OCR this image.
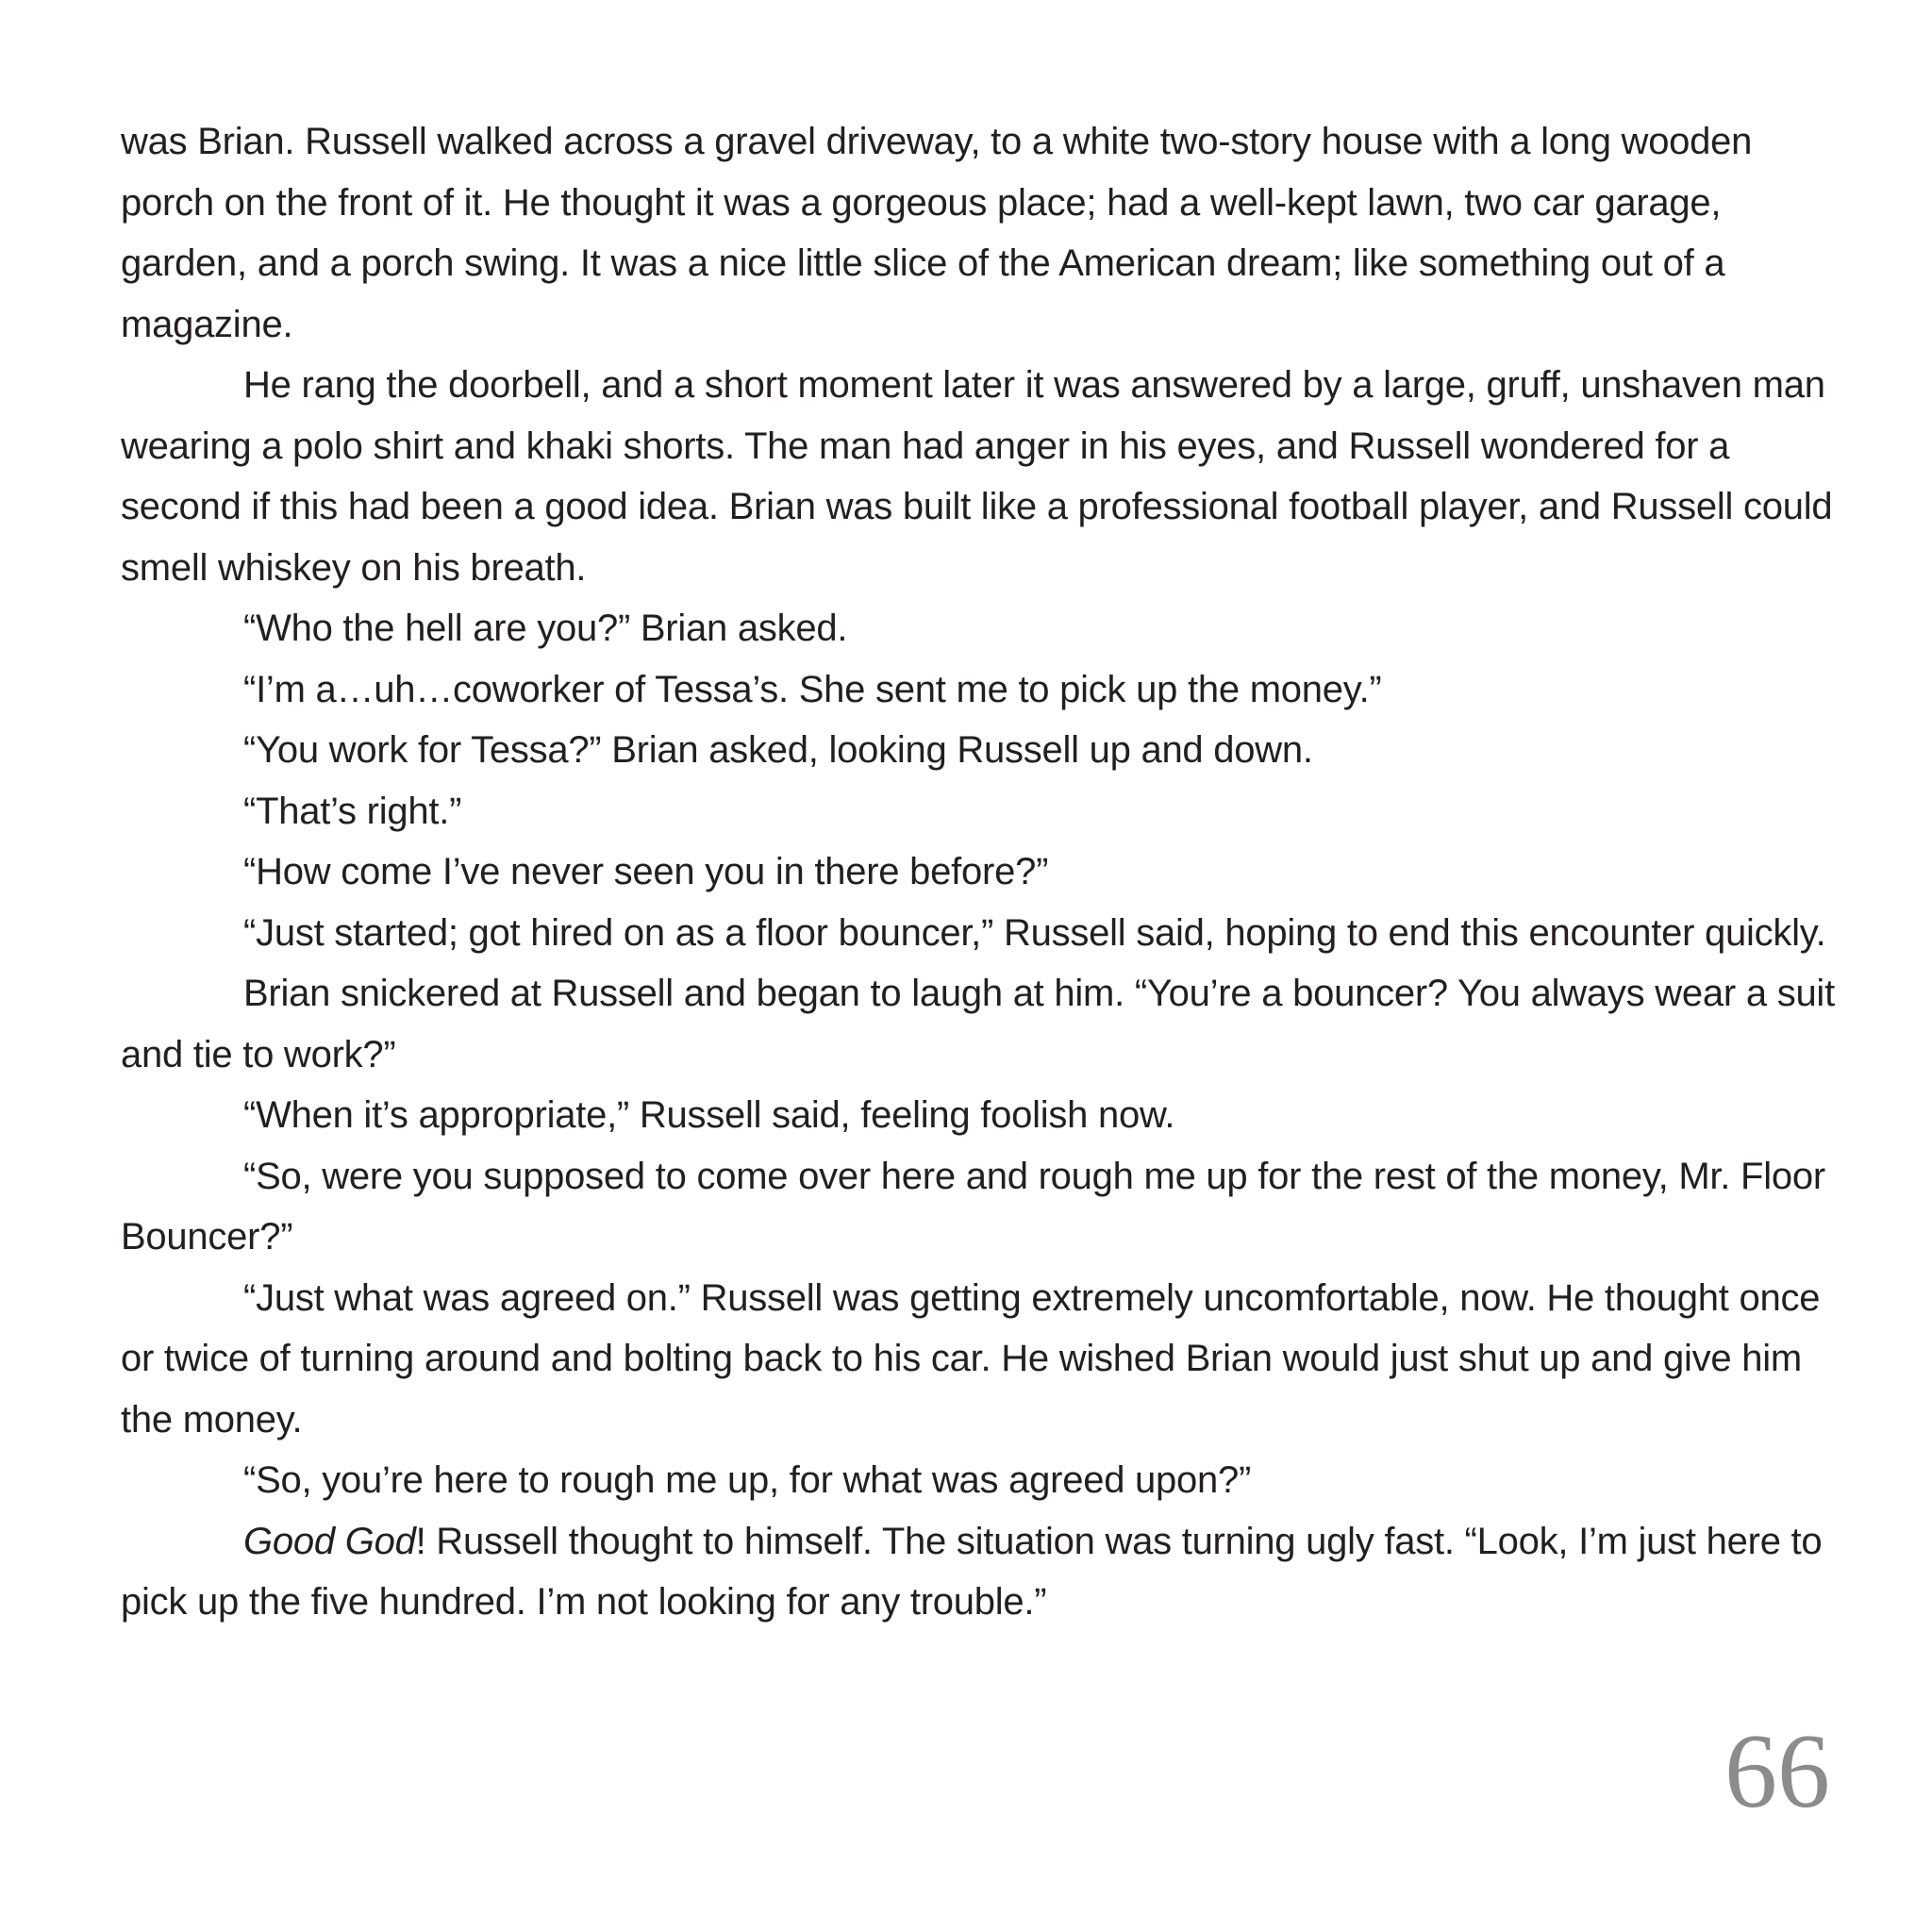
was Brian. Russell walked across a gravel driveway, to a white two-story house with a long wooden porch on the front of it. He thought it was a gorgeous place; had a well-kept lawn, two car garage, garden, and a porch swing. It was a nice little slice of the American dream; like something out of a magazine.

He rang the doorbell, and a short moment later it was answered by a large, gruff, unshaven man wearing a polo shirt and khaki shorts. The man had anger in his eyes, and Russell wondered for a second if this had been a good idea. Brian was built like a professional football player, and Russell could smell whiskey on his breath.

“Who the hell are you?” Brian asked.

“I’m a…uh…coworker of Tessa’s. She sent me to pick up the money.”

“You work for Tessa?” Brian asked, looking Russell up and down.

“That’s right.”

“How come I’ve never seen you in there before?”

“Just started; got hired on as a floor bouncer,” Russell said, hoping to end this encounter quickly.

Brian snickered at Russell and began to laugh at him. “You’re a bouncer? You always wear a suit and tie to work?”

“When it’s appropriate,” Russell said, feeling foolish now.

“So, were you supposed to come over here and rough me up for the rest of the money, Mr. Floor Bouncer?”

“Just what was agreed on.” Russell was getting extremely uncomfortable, now. He thought once or twice of turning around and bolting back to his car. He wished Brian would just shut up and give him the money.

“So, you’re here to rough me up, for what was agreed upon?”

Good God! Russell thought to himself. The situation was turning ugly fast. “Look, I’m just here to pick up the five hundred. I’m not looking for any trouble.”

66
